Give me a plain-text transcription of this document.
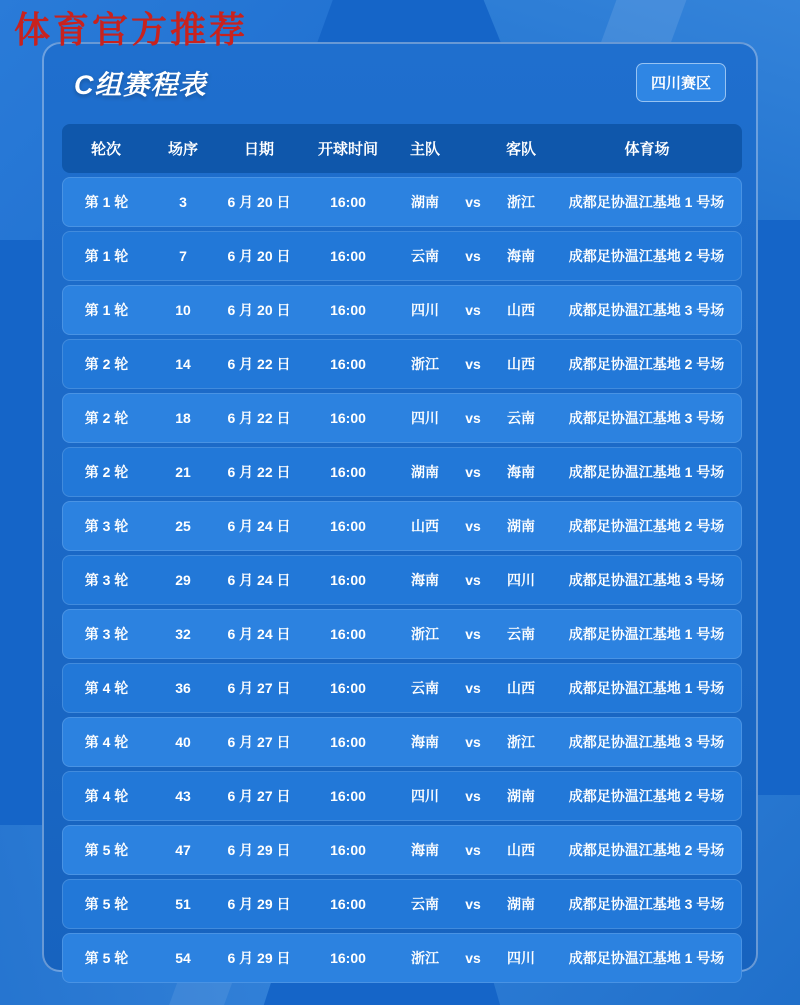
体育官方推荐
C组赛程表	四川赛区
轮次	场序	日期	开球时间	主队		客队	体育场
第 1 轮	3	6 月 20 日	16:00	湖南	vs	浙江	成都足协温江基地 1 号场
第 1 轮	7	6 月 20 日	16:00	云南	vs	海南	成都足协温江基地 2 号场
第 1 轮	10	6 月 20 日	16:00	四川	vs	山西	成都足协温江基地 3 号场
第 2 轮	14	6 月 22 日	16:00	浙江	vs	山西	成都足协温江基地 2 号场
第 2 轮	18	6 月 22 日	16:00	四川	vs	云南	成都足协温江基地 3 号场
第 2 轮	21	6 月 22 日	16:00	湖南	vs	海南	成都足协温江基地 1 号场
第 3 轮	25	6 月 24 日	16:00	山西	vs	湖南	成都足协温江基地 2 号场
第 3 轮	29	6 月 24 日	16:00	海南	vs	四川	成都足协温江基地 3 号场
第 3 轮	32	6 月 24 日	16:00	浙江	vs	云南	成都足协温江基地 1 号场
第 4 轮	36	6 月 27 日	16:00	云南	vs	山西	成都足协温江基地 1 号场
第 4 轮	40	6 月 27 日	16:00	海南	vs	浙江	成都足协温江基地 3 号场
第 4 轮	43	6 月 27 日	16:00	四川	vs	湖南	成都足协温江基地 2 号场
第 5 轮	47	6 月 29 日	16:00	海南	vs	山西	成都足协温江基地 2 号场
第 5 轮	51	6 月 29 日	16:00	云南	vs	湖南	成都足协温江基地 3 号场
第 5 轮	54	6 月 29 日	16:00	浙江	vs	四川	成都足协温江基地 1 号场
